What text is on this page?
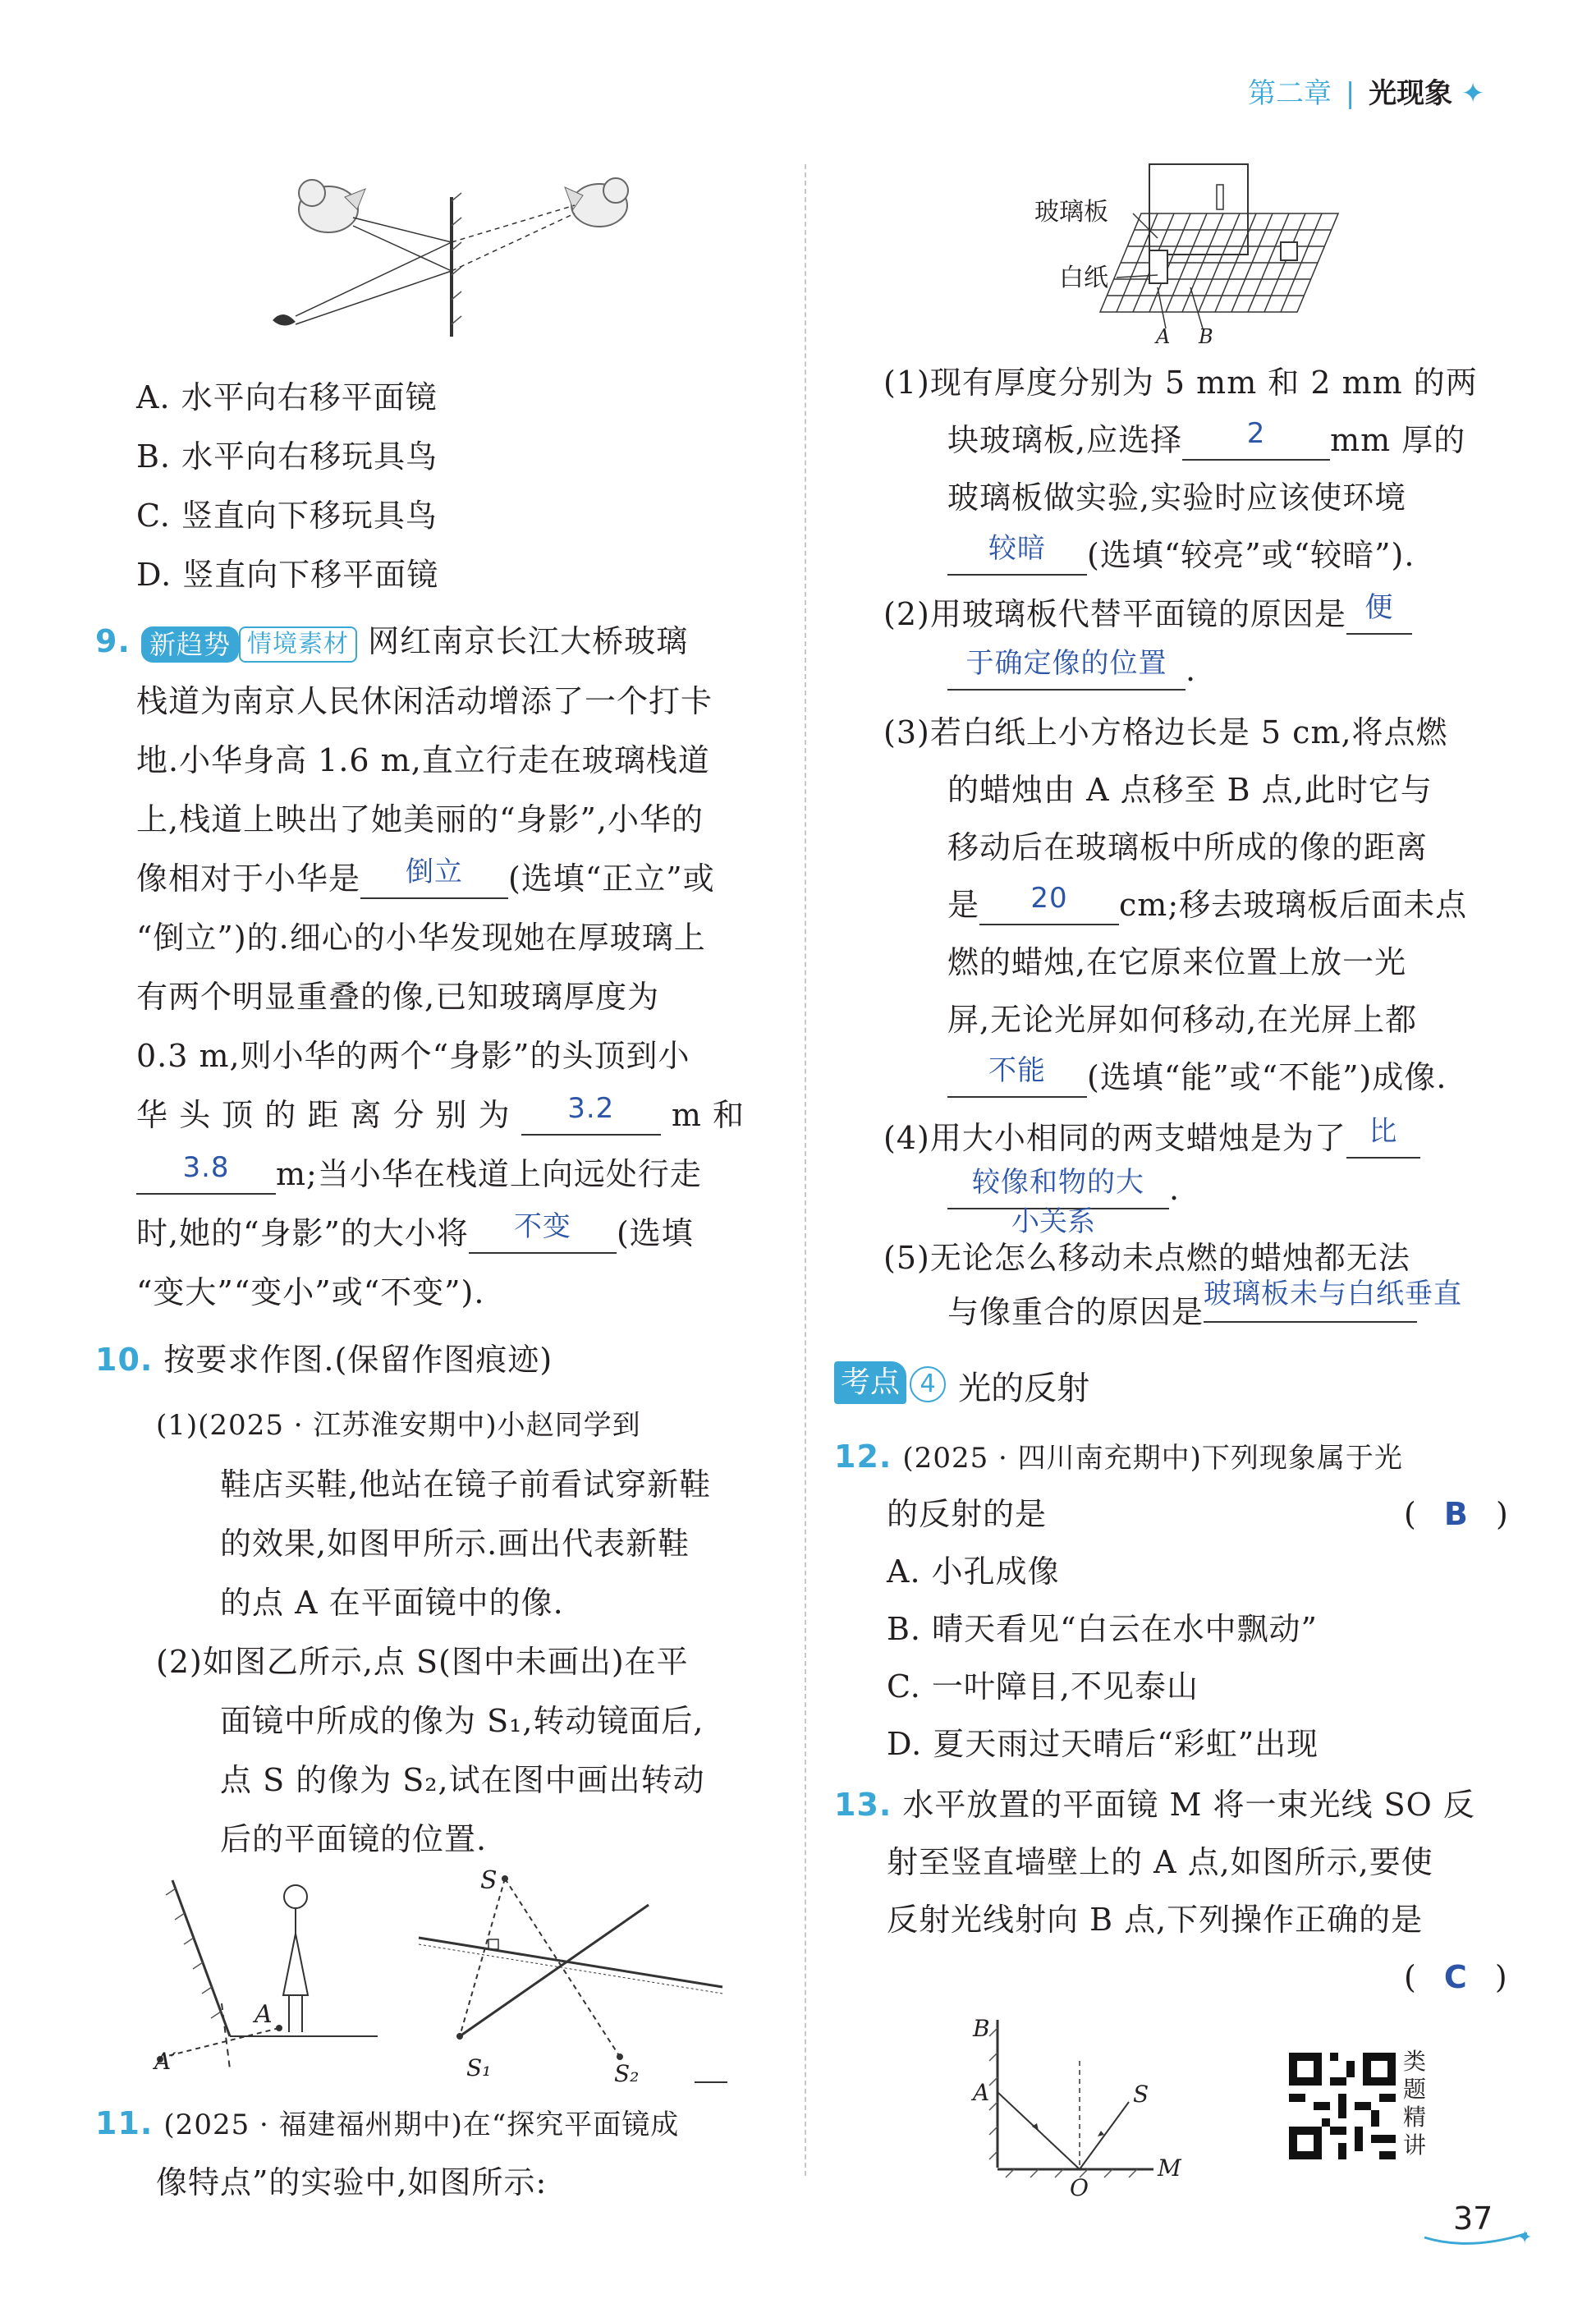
第二章 | 光现象 ✦
A. 水平向右移平面镜
B. 水平向右移玩具鸟
C. 竖直向下移玩具鸟
D. 竖直向下移平面镜
9. 新趋势 情境素材 网红南京长江大桥玻璃
栈道为南京人民休闲活动增添了一个打卡
地.小华身高 1.6 m,直立行走在玻璃栈道
上,栈道上映出了她美丽的“身影”,小华的
像相对于小华是 倒立 (选填“正立”或
“倒立”)的.细心的小华发现她在厚玻璃上
有两个明显重叠的像,已知玻璃厚度为
0.3 m,则小华的两个“身影”的头顶到小
华 头 顶 的 距 离 分 别 为 3.2 m 和
3.8 m;当小华在栈道上向远处行走
时,她的“身影”的大小将 不变 (选填
“变大”“变小”或“不变”).
10. 按要求作图.(保留作图痕迹)
(1)(2025 · 江苏淮安期中)小赵同学到
鞋店买鞋,他站在镜子前看试穿新鞋
的效果,如图甲所示.画出代表新鞋
的点 A 在平面镜中的像.
(2)如图乙所示,点 S(图中未画出)在平
面镜中所成的像为 S₁,转动镜面后,
点 S 的像为 S₂,试在图中画出转动
后的平面镜的位置.
A
A′
S
S₁	S₂
11. (2025 · 福建福州期中)在“探究平面镜成
像特点”的实验中,如图所示:
A B
玻璃板
白纸
(1)现有厚度分别为 5 mm 和 2 mm 的两
块玻璃板,应选择 2 mm 厚的
玻璃板做实验,实验时应该使环境
较暗 (选填“较亮”或“较暗”).
(2)用玻璃板代替平面镜的原因是 便
于确定像的位置 .
(3)若白纸上小方格边长是 5 cm,将点燃
的蜡烛由 A 点移至 B 点,此时它与
移动后在玻璃板中所成的像的距离
是 20 cm;移去玻璃板后面未点
燃的蜡烛,在它原来位置上放一光
屏,无论光屏如何移动,在光屏上都
不能 (选填“能”或“不能”)成像.
(4)用大小相同的两支蜡烛是为了 比
较像和物的大 .
小关系
(5)无论怎么移动未点燃的蜡烛都无法
与像重合的原因是 玻璃板未与白纸垂直
考点 4 光的反射
12. (2025 · 四川南充期中)下列现象属于光
的反射的是	( B )
A. 小孔成像
B. 晴天看见“白云在水中飘动”
C. 一叶障目,不见泰山
D. 夏天雨过天晴后“彩虹”出现
13. 水平放置的平面镜 M 将一束光线 SO 反
射至竖直墙壁上的 A 点,如图所示,要使
反射光线射向 B 点,下列操作正确的是
( C )
B
A	S
O
M
类
题
精
讲
✦
37
